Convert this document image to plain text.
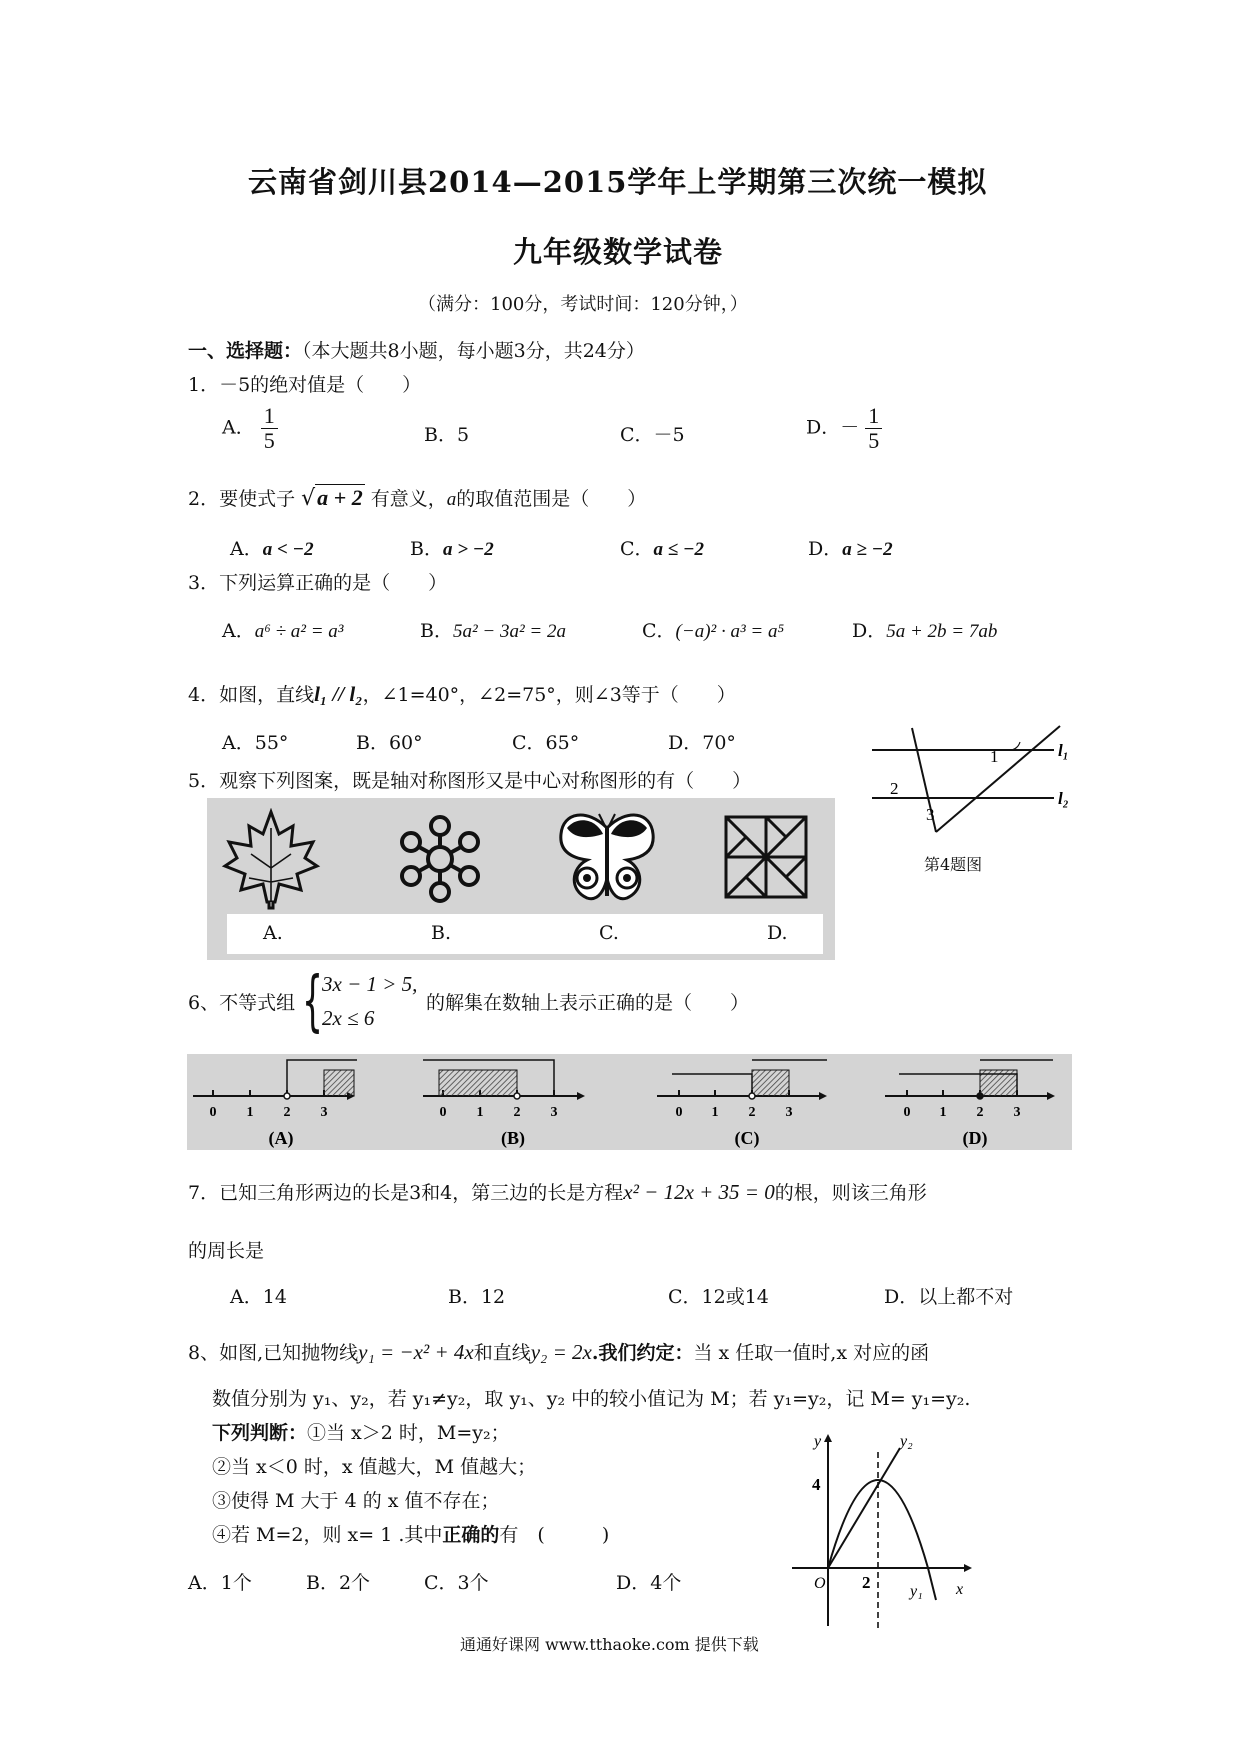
云南省剑川县2014—2015学年上学期第三次统一模拟
九年级数学试卷
（满分：100分，考试时间：120分钟，）
一、选择题：（本大题共8小题，每小题3分，共24分）
1．－5的绝对值是（　　）
A． $\frac{1}{5}$	B．5	C．－5	D．－ $\frac{1}{5}$
2．要使式子 √a + 2 有意义，a的取值范围是（　　）
A．a < −2	B．a > −2	C．a ≤ −2	D．a ≥ −2
3．下列运算正确的是（　　）
A．a⁶ ÷ a² = a³	B．5a² − 3a² = 2a	C．(−a)² · a³ = a⁵	D．5a + 2b = 7ab
4．如图，直线l₁ // l₂，∠1=40°，∠2=75°，则∠3等于（　　）
A．55°	B．60°	C．65°	D．70°
1
2
3
l₁
l₂
第4题图
5．观察下列图案，既是轴对称图形又是中心对称图形的有（　　）
A.	B.	C.	D.
6、不等式组 { 3x − 1 > 5,
2x ≤ 6
的解集在数轴上表示正确的是（　　）
0 1 2 3	0 1 2 3	0 1 2 3	0 1 2 3
(A)	(B)	(C)	(D)
7．已知三角形两边的长是3和4，第三边的长是方程x² − 12x + 35 = 0的根，则该三角形
的周长是
A．14	B．12	C．12或14	D．以上都不对
8、如图,已知抛物线y₁ = −x² + 4x和直线y₂ = 2x.我们约定：当 x 任取一值时,x 对应的函
数值分别为 y₁、y₂，若 y₁≠y₂，取 y₁、y₂ 中的较小值记为 M；若 y₁=y₂，记 M= y₁=y₂.
下列判断：①当 x＞2 时，M=y₂；
②当 x＜0 时，x 值越大，M 值越大；
③使得 M 大于 4 的 x 值不存在；
④若 M=2，则 x= 1 .其中正确的有　(　　　)
A．1个	B．2个	C．3个	D．4个
y	y₂
4
O 2 y₁ x
通通好课网 www.tthaoke.com 提供下载
